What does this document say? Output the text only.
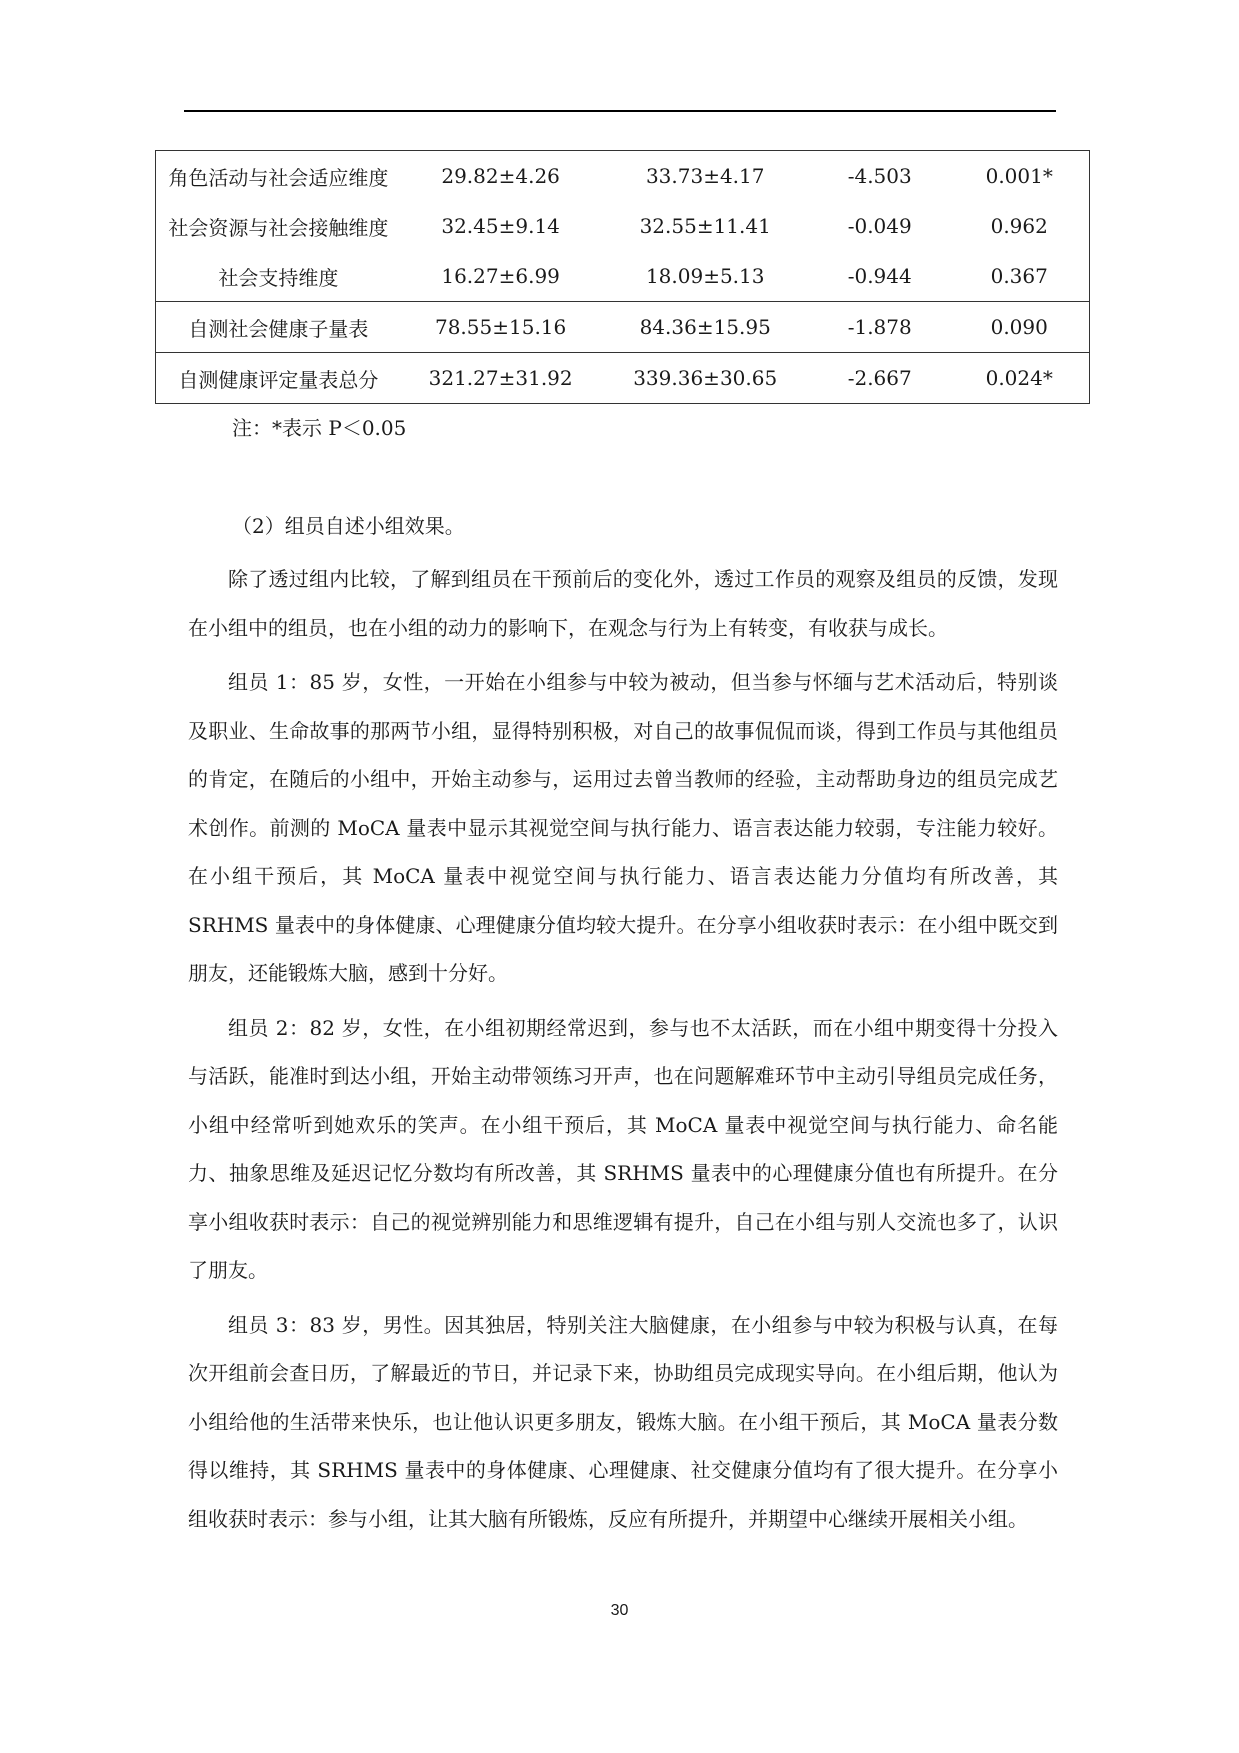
角色活动与社会适应维度	29.82±4.26	33.73±4.17	-4.503	0.001*
社会资源与社会接触维度	32.45±9.14	32.55±11.41	-0.049	0.962
社会支持维度	16.27±6.99	18.09±5.13	-0.944	0.367
自测社会健康子量表	78.55±15.16	84.36±15.95	-1.878	0.090
自测健康评定量表总分	321.27±31.92	339.36±30.65	-2.667	0.024*
注：*表示 P＜0.05
（2）组员自述小组效果。

除了透过组内比较，了解到组员在干预前后的变化外，透过工作员的观察及组员的反馈，发现在小组中的组员，也在小组的动力的影响下，在观念与行为上有转变，有收获与成长。

组员 1：85 岁，女性，一开始在小组参与中较为被动，但当参与怀缅与艺术活动后，特别谈及职业、生命故事的那两节小组，显得特别积极，对自己的故事侃侃而谈，得到工作员与其他组员的肯定，在随后的小组中，开始主动参与，运用过去曾当教师的经验，主动帮助身边的组员完成艺术创作。前测的 MoCA 量表中显示其视觉空间与执行能力、语言表达能力较弱，专注能力较好。在小组干预后，其 MoCA 量表中视觉空间与执行能力、语言表达能力分值均有所改善，其 SRHMS 量表中的身体健康、心理健康分值均较大提升。在分享小组收获时表示：在小组中既交到朋友，还能锻炼大脑，感到十分好。

组员 2：82 岁，女性，在小组初期经常迟到，参与也不太活跃，而在小组中期变得十分投入与活跃，能准时到达小组，开始主动带领练习开声，也在问题解难环节中主动引导组员完成任务，小组中经常听到她欢乐的笑声。在小组干预后，其 MoCA 量表中视觉空间与执行能力、命名能力、抽象思维及延迟记忆分数均有所改善，其 SRHMS 量表中的心理健康分值也有所提升。在分享小组收获时表示：自己的视觉辨别能力和思维逻辑有提升，自己在小组与别人交流也多了，认识了朋友。

组员 3：83 岁，男性。因其独居，特别关注大脑健康，在小组参与中较为积极与认真，在每次开组前会查日历，了解最近的节日，并记录下来，协助组员完成现实导向。在小组后期，他认为小组给他的生活带来快乐，也让他认识更多朋友，锻炼大脑。在小组干预后，其 MoCA 量表分数得以维持，其 SRHMS 量表中的身体健康、心理健康、社交健康分值均有了很大提升。在分享小组收获时表示：参与小组，让其大脑有所锻炼，反应有所提升，并期望中心继续开展相关小组。

30
